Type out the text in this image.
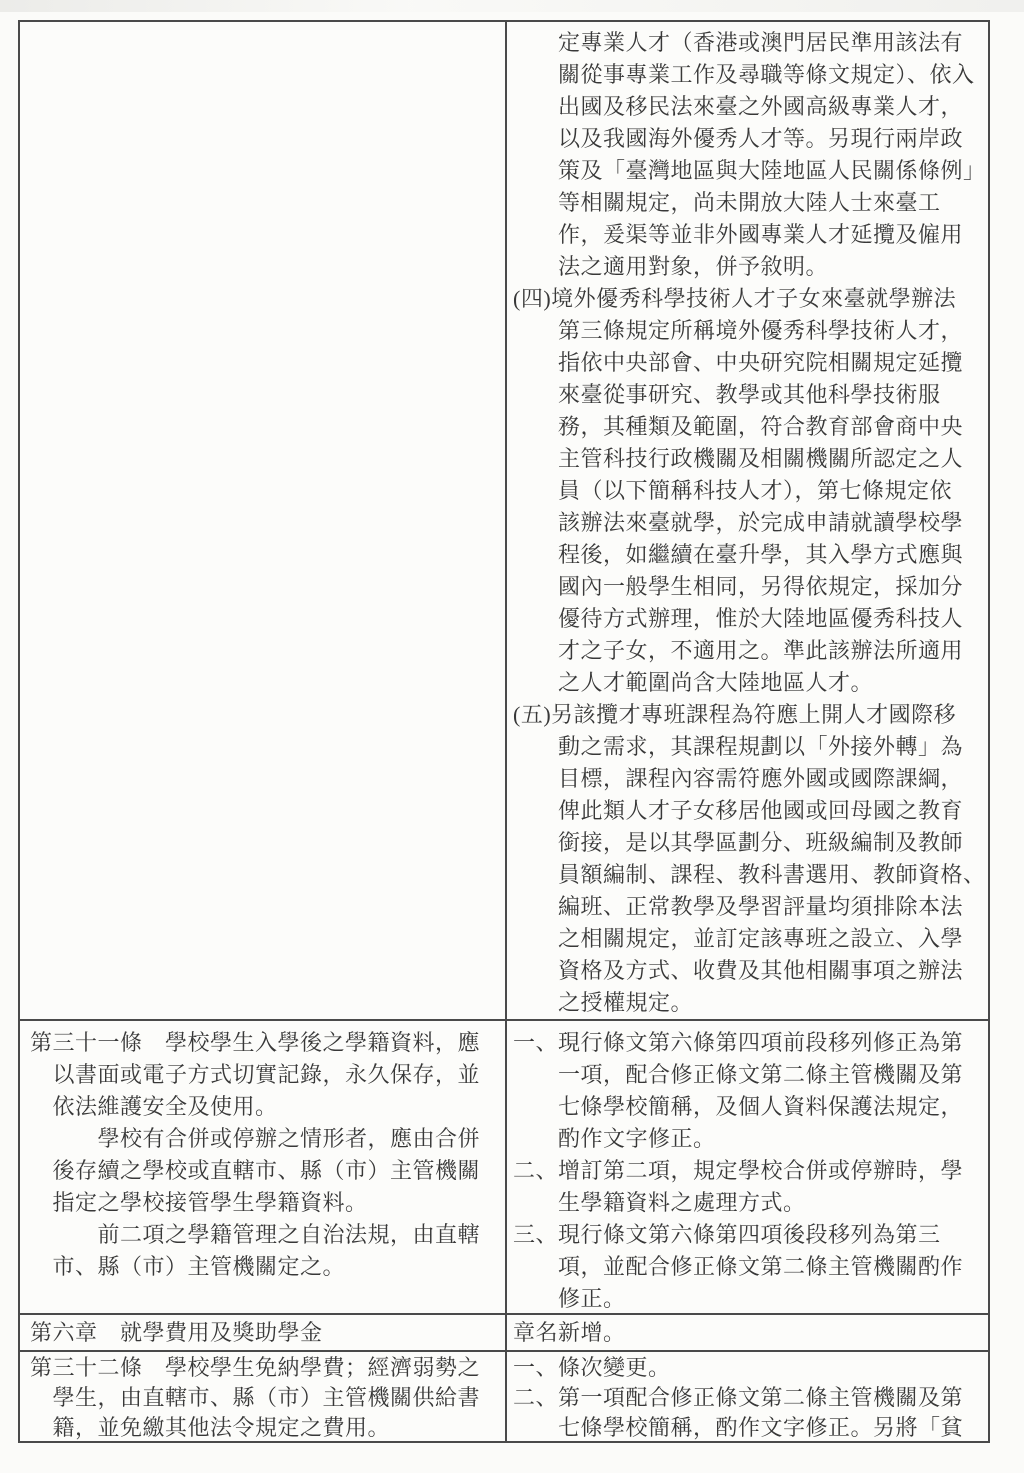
定專業人才（香港或澳門居民準用該法有
關從事專業工作及尋職等條文規定）、依入
出國及移民法來臺之外國高級專業人才，
以及我國海外優秀人才等。另現行兩岸政
策及「臺灣地區與大陸地區人民關係條例」
等相關規定，尚未開放大陸人士來臺工
作，爰渠等並非外國專業人才延攬及僱用
法之適用對象，併予敘明。
(四)境外優秀科學技術人才子女來臺就學辦法
第三條規定所稱境外優秀科學技術人才，
指依中央部會、中央研究院相關規定延攬
來臺從事研究、教學或其他科學技術服
務，其種類及範圍，符合教育部會商中央
主管科技行政機關及相關機關所認定之人
員（以下簡稱科技人才），第七條規定依
該辦法來臺就學，於完成申請就讀學校學
程後，如繼續在臺升學，其入學方式應與
國內一般學生相同，另得依規定，採加分
優待方式辦理，惟於大陸地區優秀科技人
才之子女，不適用之。準此該辦法所適用
之人才範圍尚含大陸地區人才。
(五)另該攬才專班課程為符應上開人才國際移
動之需求，其課程規劃以「外接外轉」為
目標，課程內容需符應外國或國際課綱，
俾此類人才子女移居他國或回母國之教育
銜接，是以其學區劃分、班級編制及教師
員額編制、課程、教科書選用、教師資格、
編班、正常教學及學習評量均須排除本法
之相關規定，並訂定該專班之設立、入學
資格及方式、收費及其他相關事項之辦法
之授權規定。
第三十一條　學校學生入學後之學籍資料，應
以書面或電子方式切實記錄，永久保存，並
依法維護安全及使用。
學校有合併或停辦之情形者，應由合併
後存續之學校或直轄市、縣（市）主管機關
指定之學校接管學生學籍資料。
前二項之學籍管理之自治法規，由直轄
市、縣（市）主管機關定之。
一、現行條文第六條第四項前段移列修正為第
一項，配合修正條文第二條主管機關及第
七條學校簡稱，及個人資料保護法規定，
酌作文字修正。
二、增訂第二項，規定學校合併或停辦時，學
生學籍資料之處理方式。
三、現行條文第六條第四項後段移列為第三
項，並配合修正條文第二條主管機關酌作
修正。
第六章　就學費用及獎助學金	章名新增。
第三十二條　學校學生免納學費；經濟弱勢之
學生，由直轄市、縣（市）主管機關供給書
籍，並免繳其他法令規定之費用。
一、條次變更。
二、第一項配合修正條文第二條主管機關及第
七條學校簡稱，酌作文字修正。另將「貧
